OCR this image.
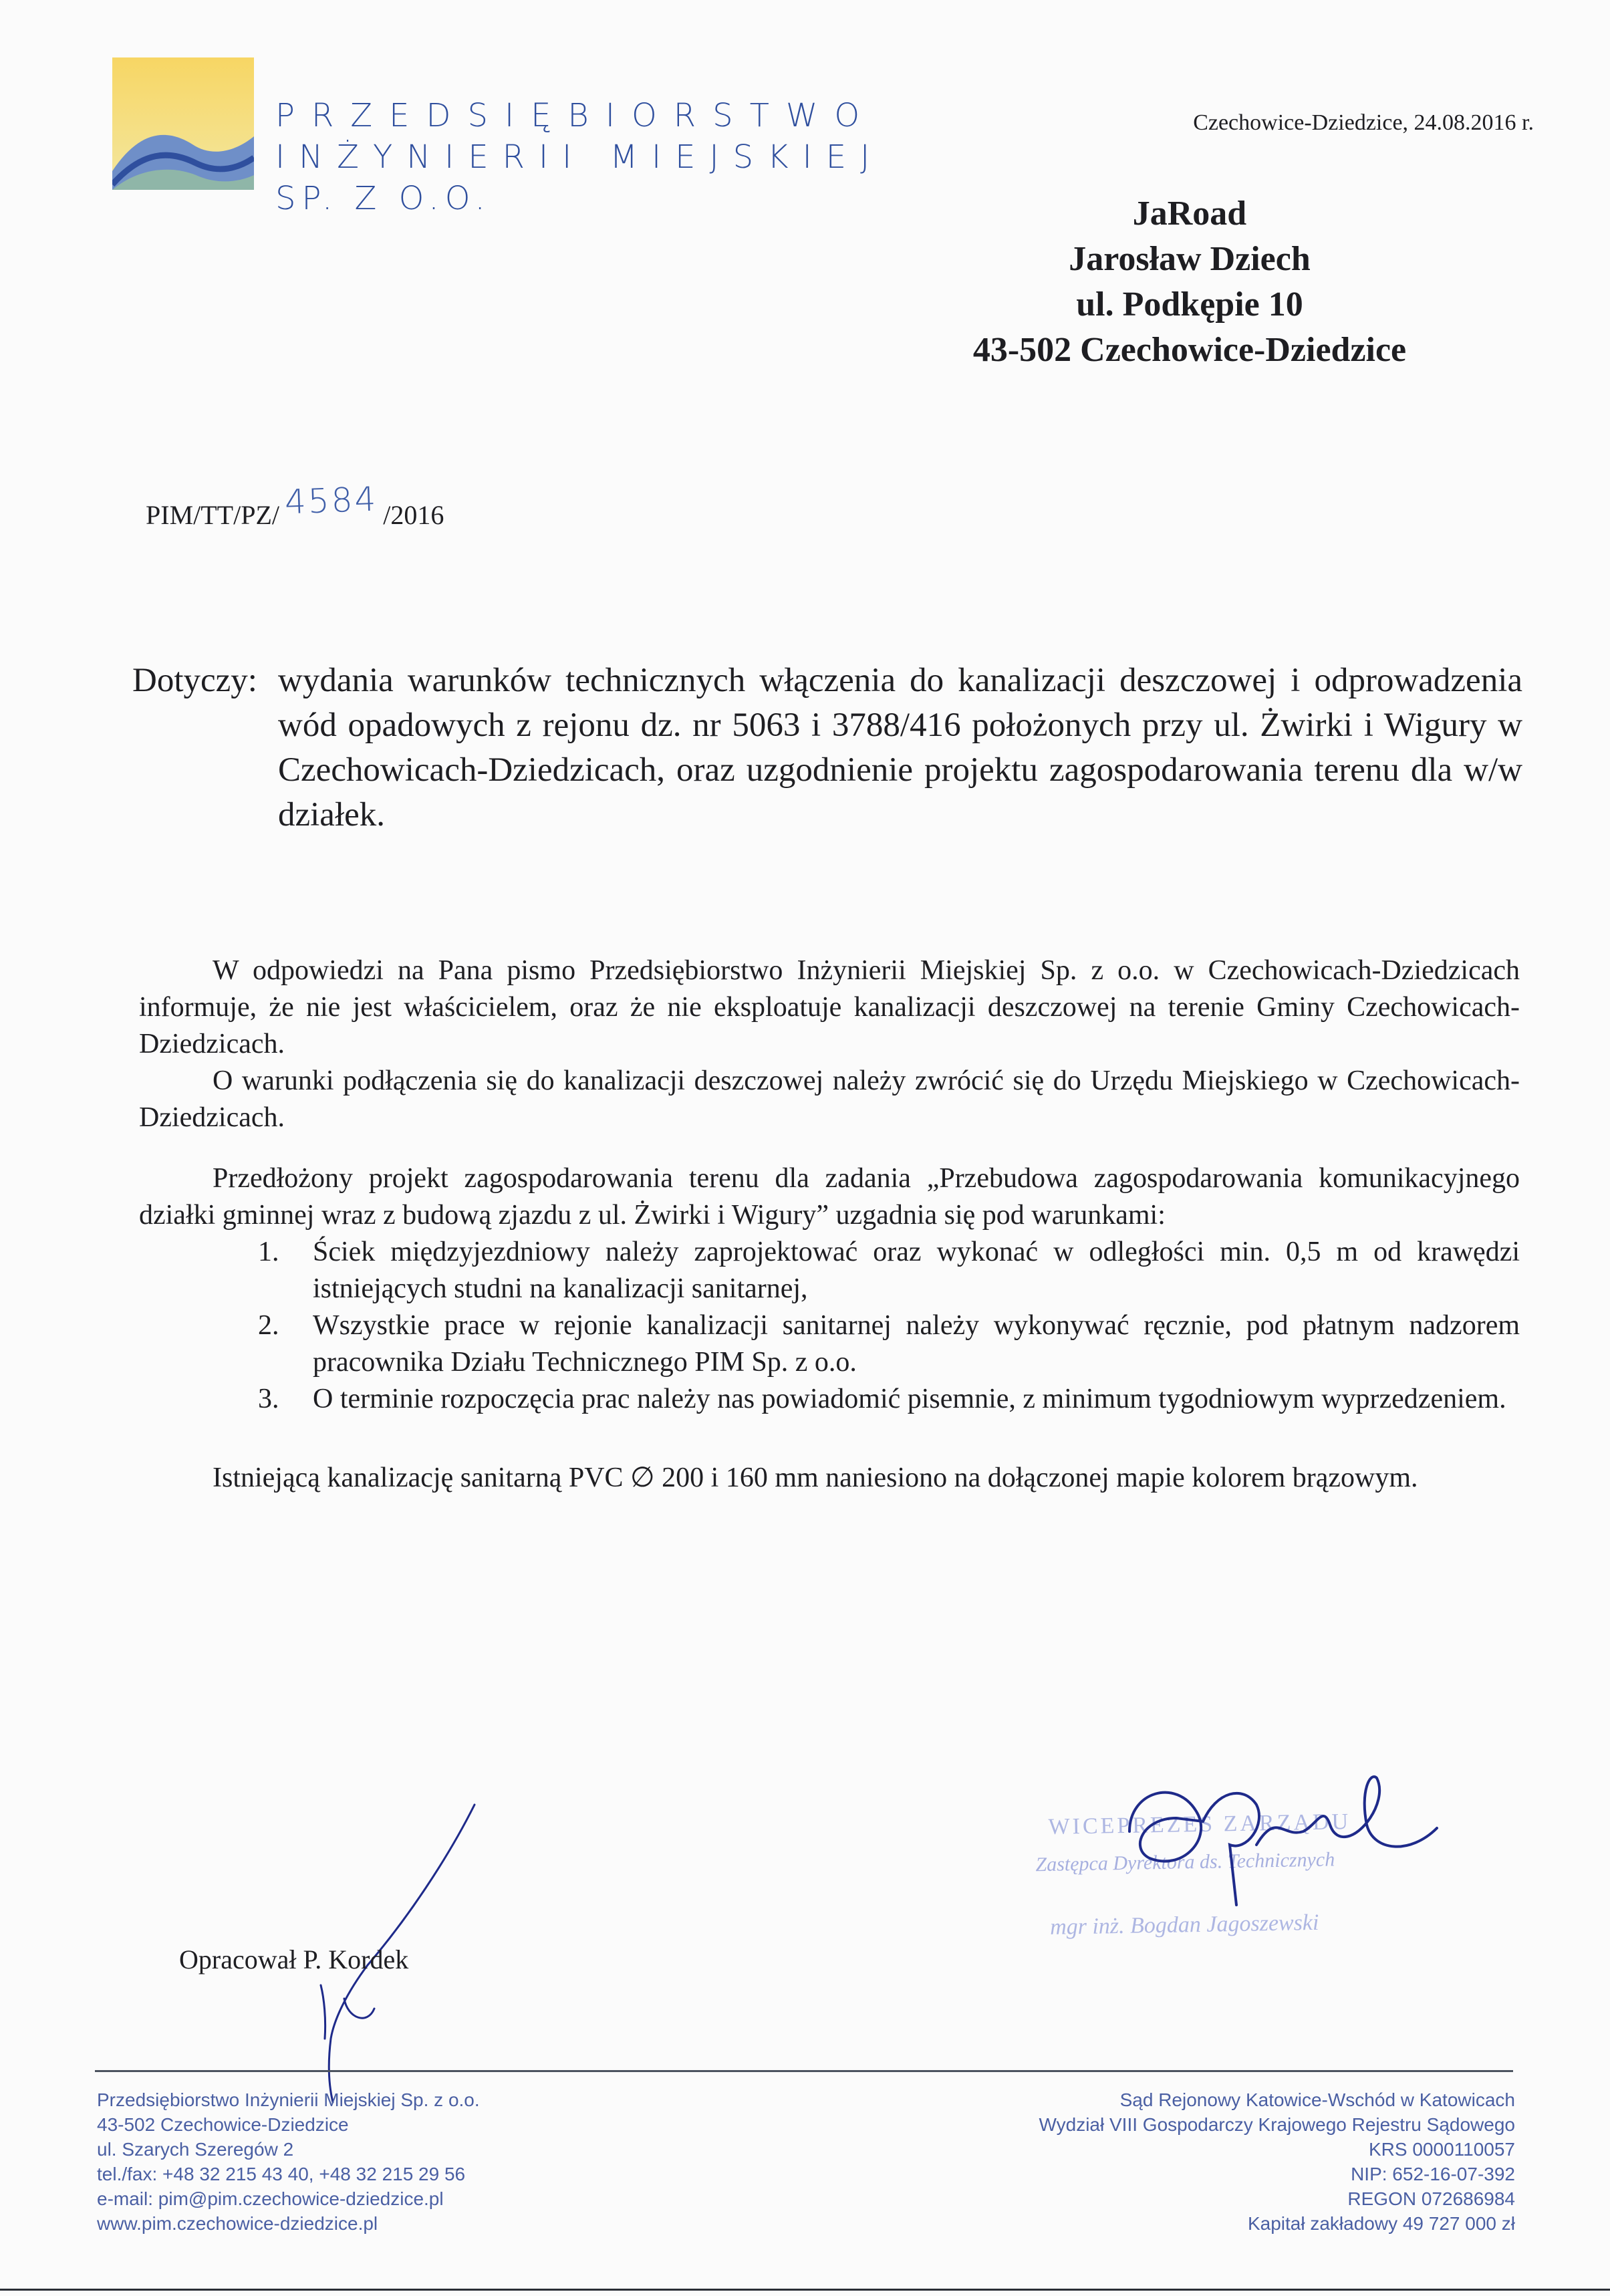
PRZEDSIĘBIORSTWO
INŻYNIERII MIEJSKIEJ
SP. Z O.O.
Czechowice-Dziedzice, 24.08.2016 r.
JaRoad
Jarosław Dziech
ul. Podkępie 10
43-502 Czechowice-Dziedzice
PIM/TT/PZ/ 4584 /2016
Dotyczy: wydania warunków technicznych włączenia do kanalizacji deszczowej i odprowadzenia wód opadowych z rejonu dz. nr 5063 i 3788/416 położonych przy ul. Żwirki i Wigury w Czechowicach-Dziedzicach, oraz uzgodnienie projektu zagospodarowania terenu dla w/w działek.

W odpowiedzi na Pana pismo Przedsiębiorstwo Inżynierii Miejskiej Sp. z o.o. w Czechowicach-Dziedzicach informuje, że nie jest właścicielem, oraz że nie eksploatuje kanalizacji deszczowej na terenie Gminy Czechowicach-Dziedzicach.

O warunki podłączenia się do kanalizacji deszczowej należy zwrócić się do Urzędu Miejskiego w Czechowicach-Dziedzicach.

Przedłożony projekt zagospodarowania terenu dla zadania „Przebudowa zagospodarowania komunikacyjnego działki gminnej wraz z budową zjazdu z ul. Żwirki i Wigury” uzgadnia się pod warunkami:

1. Ściek międzyjezdniowy należy zaprojektować oraz wykonać w odległości min. 0,5 m od krawędzi istniejących studni na kanalizacji sanitarnej,
2. Wszystkie prace w rejonie kanalizacji sanitarnej należy wykonywać ręcznie, pod płatnym nadzorem pracownika Działu Technicznego PIM Sp. z o.o.
3. O terminie rozpoczęcia prac należy nas powiadomić pisemnie, z minimum tygodniowym wyprzedzeniem.

Istniejącą kanalizację sanitarną PVC ∅ 200 i 160 mm naniesiono na dołączonej mapie kolorem brązowym.

WICEPREZES ZARZĄDU
Zastępca Dyrektora ds. Technicznych
mgr inż. Bogdan Jagoszewski
Opracował P. Kordek
Przedsiębiorstwo Inżynierii Miejskiej Sp. z o.o.
43-502 Czechowice-Dziedzice
ul. Szarych Szeregów 2
tel./fax: +48 32 215 43 40, +48 32 215 29 56
e-mail: pim@pim.czechowice-dziedzice.pl
www.pim.czechowice-dziedzice.pl
Sąd Rejonowy Katowice-Wschód w Katowicach
Wydział VIII Gospodarczy Krajowego Rejestru Sądowego
KRS 0000110057
NIP: 652-16-07-392
REGON 072686984
Kapitał zakładowy 49 727 000 zł
